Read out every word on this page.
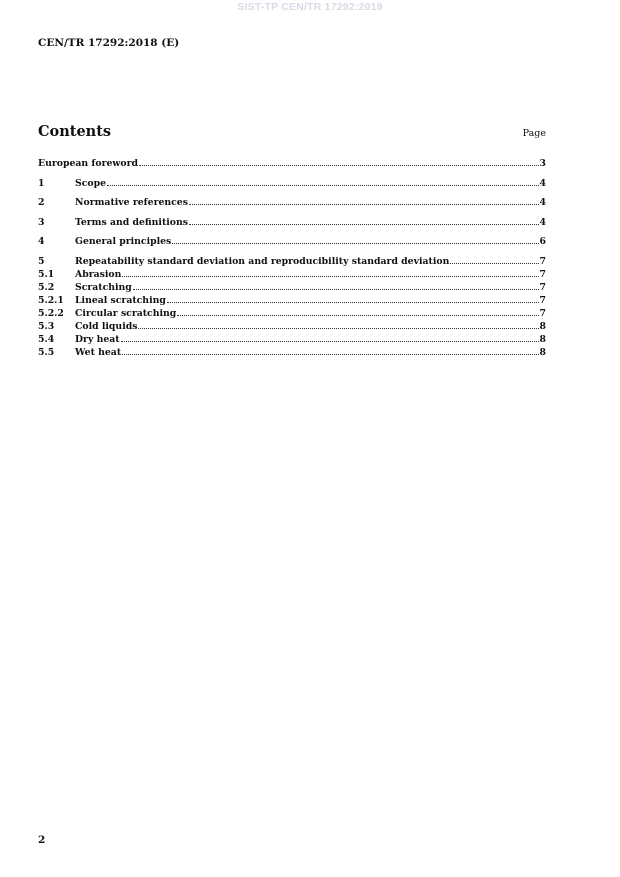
SIST-TP CEN/TR 17292:2019
CEN/TR 17292:2018 (E)
Contents	Page
European foreword	3
1	Scope	4
2	Normative references	4
3	Terms and definitions	4
4	General principles	6
5	Repeatability standard deviation and reproducibility standard deviation	7
5.1	Abrasion	7
5.2	Scratching	7
5.2.1	Lineal scratching	7
5.2.2	Circular scratching	7
5.3	Cold liquids	8
5.4	Dry heat	8
5.5	Wet heat	8
2
